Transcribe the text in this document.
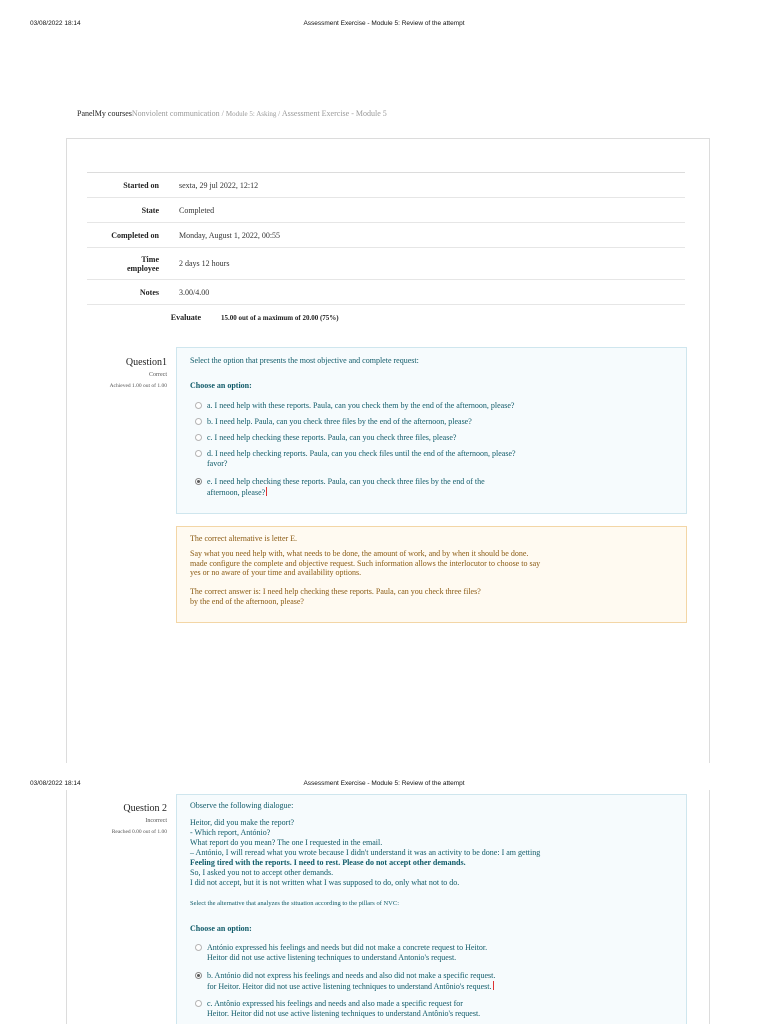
03/08/2022 18:14	Assessment Exercise - Module 5: Review of the attempt
PanelMy coursesNonviolent communication / Module 5: Asking / Assessment Exercise - Module 5
Started on	sexta, 29 jul 2022, 12:12
State	Completed
Completed on	Monday, August 1, 2022, 00:55
Time employee	2 days 12 hours
Notes	3.00/4.00
Evaluate	15.00 out of a maximum of 20.00 (75%)
Question1
Correct
Achieved 1.00 out of 1.00
Select the option that presents the most objective and complete request:
Choose an option:
a. I need help with these reports. Paula, can you check them by the end of the afternoon, please?
b. I need help. Paula, can you check three files by the end of the afternoon, please?
c. I need help checking these reports. Paula, can you check three files, please?
d. I need help checking reports. Paula, can you check files until the end of the afternoon, please?
favor?
e. I need help checking these reports. Paula, can you check three files by the end of the
afternoon, please?
The correct alternative is letter E.
Say what you need help with, what needs to be done, the amount of work, and by when it should be done.
made configure the complete and objective request. Such information allows the interlocutor to choose to say
yes or no aware of your time and availability options.
The correct answer is: I need help checking these reports. Paula, can you check three files?
by the end of the afternoon, please?
03/08/2022 18:14	Assessment Exercise - Module 5: Review of the attempt
Question 2
Incorrect
Reached 0.00 out of 1.00
Observe the following dialogue:
Heitor, did you make the report?
- Which report, António?
What report do you mean? The one I requested in the email.
– António, I will reread what you wrote because I didn't understand it was an activity to be done: I am getting
Feeling tired with the reports. I need to rest. Please do not accept other demands.
So, I asked you not to accept other demands.
I did not accept, but it is not written what I was supposed to do, only what not to do.
Select the alternative that analyzes the situation according to the pillars of NVC:
Choose an option:
António expressed his feelings and needs but did not make a concrete request to Heitor.
Heitor did not use active listening techniques to understand Antonio's request.
b. António did not express his feelings and needs and also did not make a specific request.
for Heitor. Heitor did not use active listening techniques to understand Antônio's request.
c. Antônio expressed his feelings and needs and also made a specific request for
Heitor. Heitor did not use active listening techniques to understand Antônio's request.
